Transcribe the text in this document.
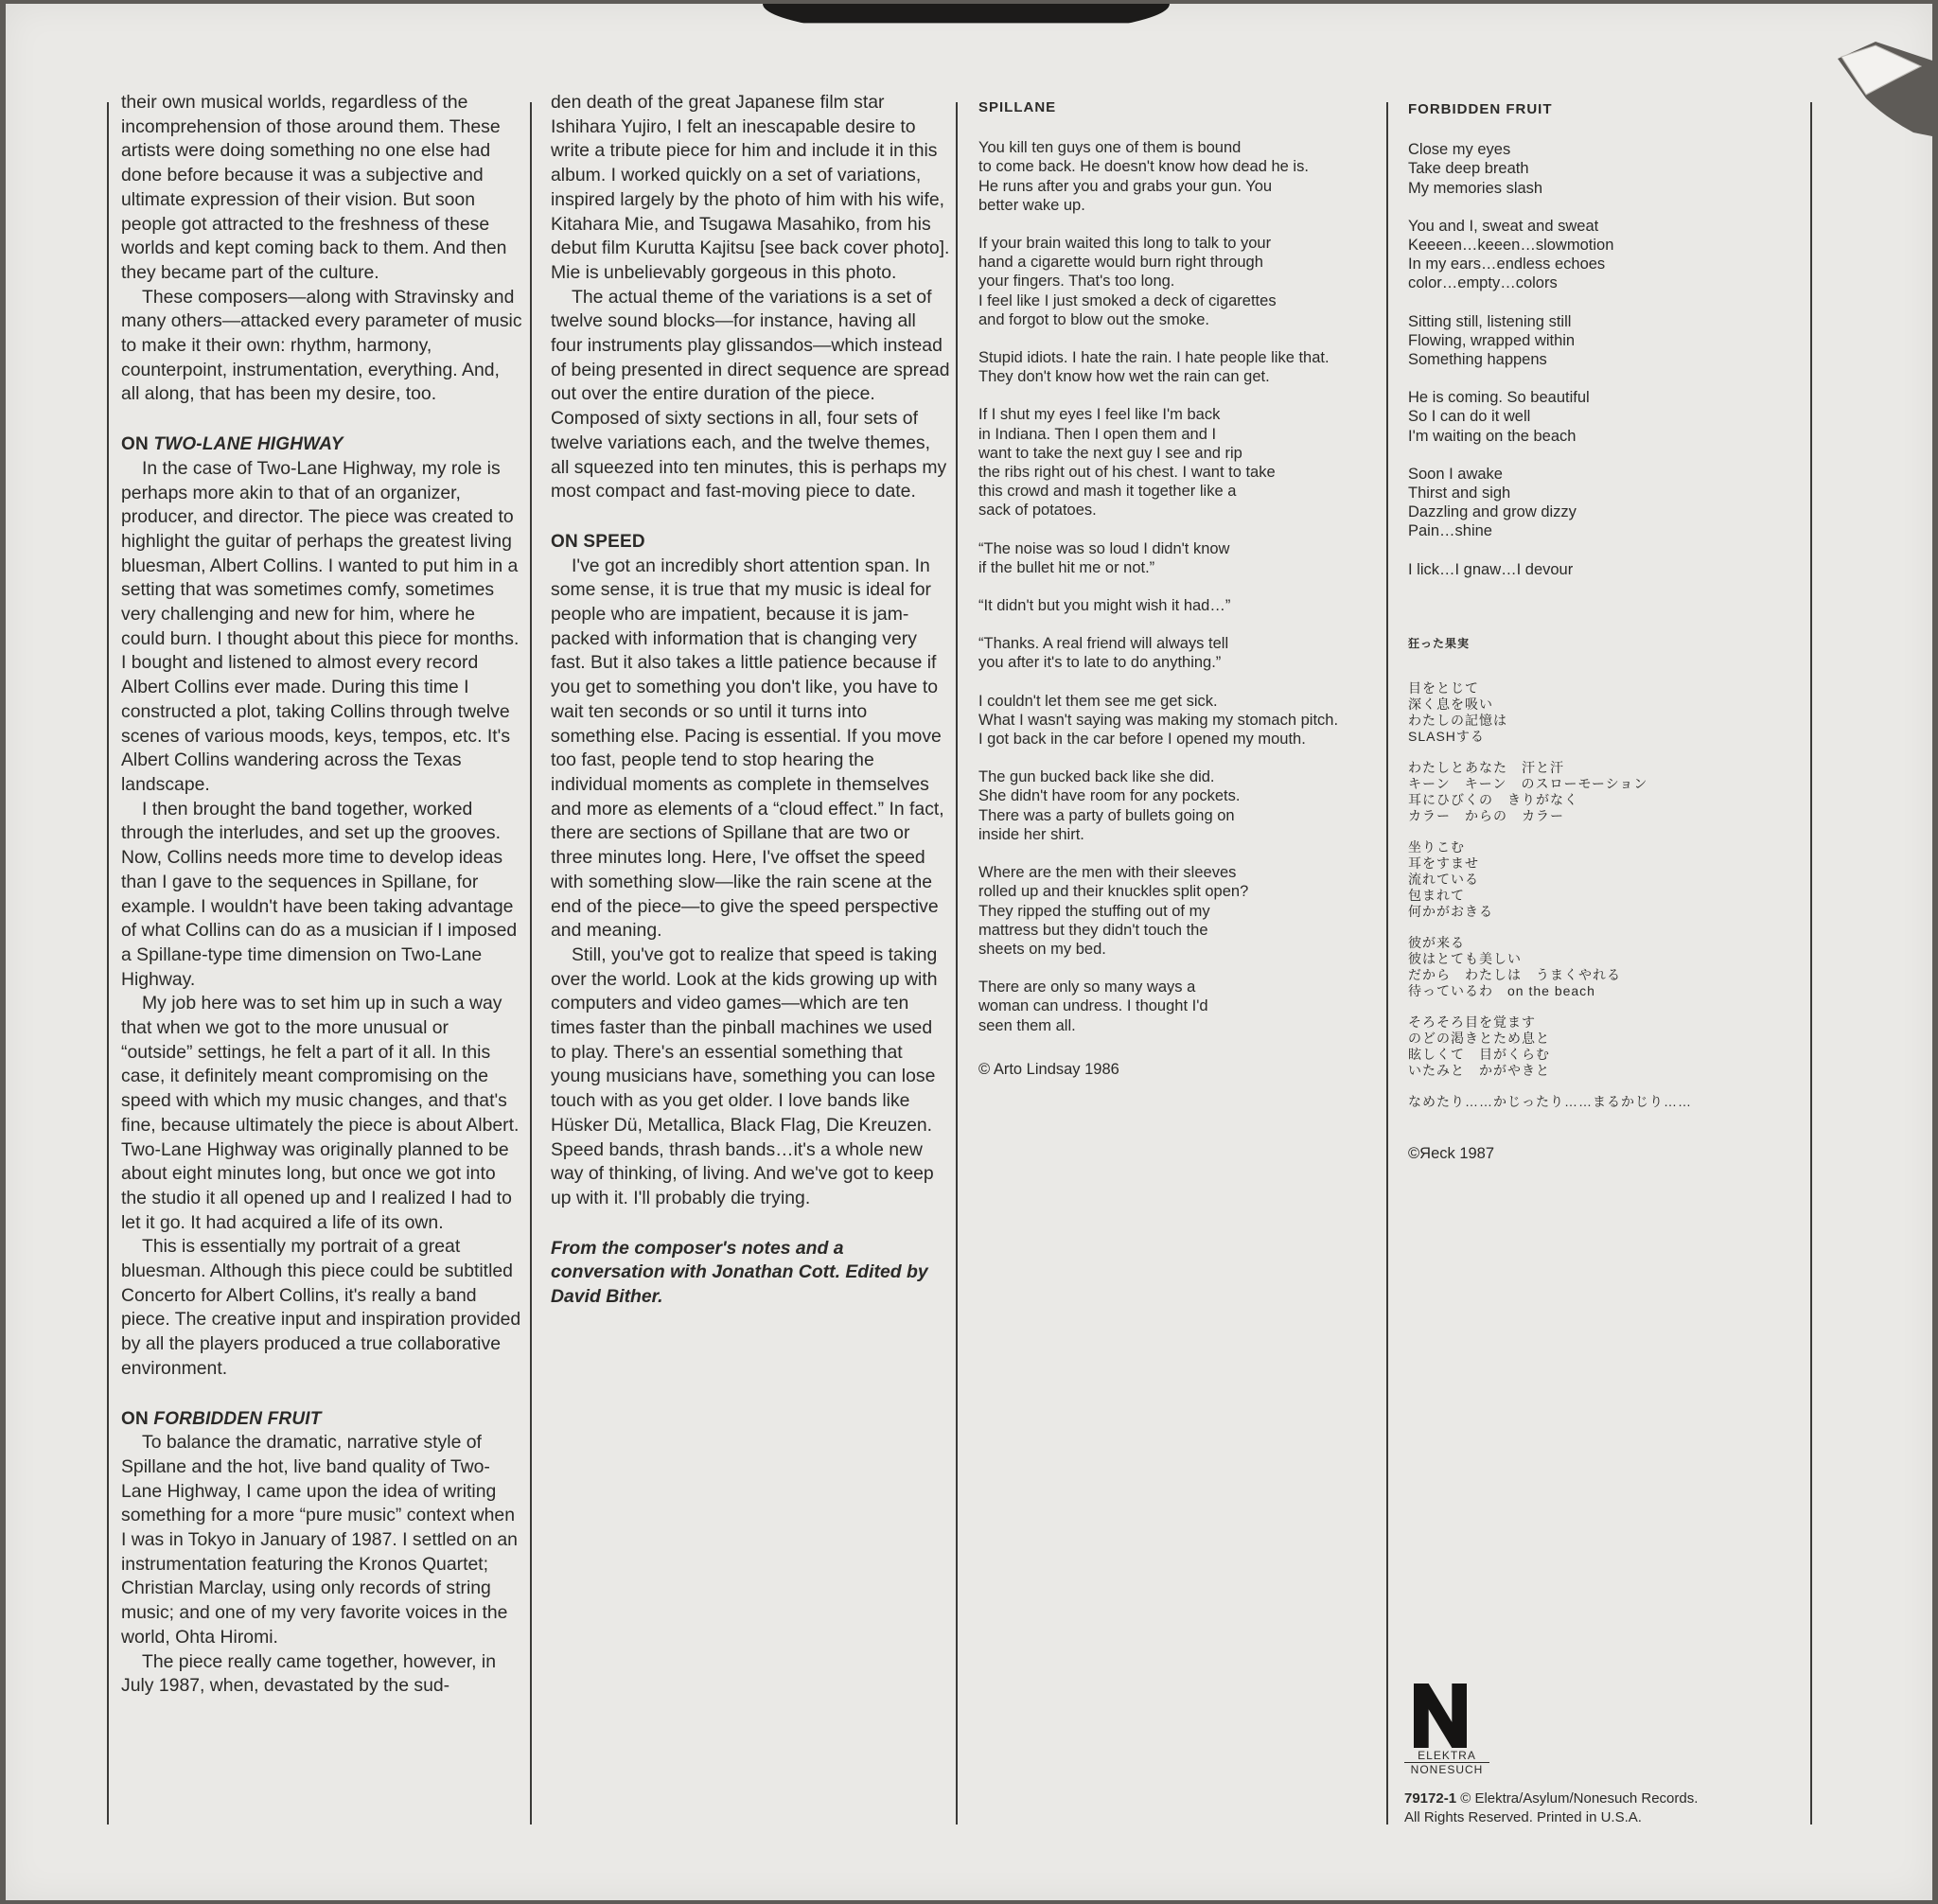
their own musical worlds, regardless of the incomprehension of those around them. These artists were doing something no one else had done before because it was a subjective and ultimate expression of their vision. But soon people got attracted to the freshness of these worlds and kept coming back to them. And then they became part of the culture.

These composers—along with Stravinsky and many others—attacked every parameter of music to make it their own: rhythm, harmony, counterpoint, instrumentation, everything. And, all along, that has been my desire, too.

ON TWO-LANE HIGHWAY

In the case of Two-Lane Highway, my role is perhaps more akin to that of an organizer, producer, and director. The piece was created to highlight the guitar of perhaps the greatest living bluesman, Albert Collins. I wanted to put him in a setting that was sometimes comfy, sometimes very challenging and new for him, where he could burn. I thought about this piece for months. I bought and listened to almost every record Albert Collins ever made. During this time I constructed a plot, taking Collins through twelve scenes of various moods, keys, tempos, etc. It's Albert Collins wandering across the Texas landscape.

I then brought the band together, worked through the interludes, and set up the grooves. Now, Collins needs more time to develop ideas than I gave to the sequences in Spillane, for example. I wouldn't have been taking advantage of what Collins can do as a musician if I imposed a Spillane-type time dimension on Two-Lane Highway.

My job here was to set him up in such a way that when we got to the more unusual or “outside” settings, he felt a part of it all. In this case, it definitely meant compromising on the speed with which my music changes, and that's fine, because ultimately the piece is about Albert. Two-Lane Highway was originally planned to be about eight minutes long, but once we got into the studio it all opened up and I realized I had to let it go. It had acquired a life of its own.

This is essentially my portrait of a great bluesman. Although this piece could be subtitled Concerto for Albert Collins, it's really a band piece. The creative input and inspiration provided by all the players produced a true collaborative environment.

ON FORBIDDEN FRUIT

To balance the dramatic, narrative style of Spillane and the hot, live band quality of Two-Lane Highway, I came upon the idea of writing something for a more “pure music” context when I was in Tokyo in January of 1987. I settled on an instrumentation featuring the Kronos Quartet; Christian Marclay, using only records of string music; and one of my very favorite voices in the world, Ohta Hiromi.

The piece really came together, however, in July 1987, when, devastated by the sud-

den death of the great Japanese film star Ishihara Yujiro, I felt an inescapable desire to write a tribute piece for him and include it in this album. I worked quickly on a set of variations, inspired largely by the photo of him with his wife, Kitahara Mie, and Tsugawa Masahiko, from his debut film Kurutta Kajitsu [see back cover photo]. Mie is unbelievably gorgeous in this photo.

The actual theme of the variations is a set of twelve sound blocks—for instance, having all four instruments play glissandos—which instead of being presented in direct sequence are spread out over the entire duration of the piece. Composed of sixty sections in all, four sets of twelve variations each, and the twelve themes, all squeezed into ten minutes, this is perhaps my most compact and fast-moving piece to date.

ON SPEED

I've got an incredibly short attention span. In some sense, it is true that my music is ideal for people who are impatient, because it is jam-packed with information that is changing very fast. But it also takes a little patience because if you get to something you don't like, you have to wait ten seconds or so until it turns into something else. Pacing is essential. If you move too fast, people tend to stop hearing the individual moments as complete in themselves and more as elements of a “cloud effect.” In fact, there are sections of Spillane that are two or three minutes long. Here, I've offset the speed with something slow—like the rain scene at the end of the piece—to give the speed perspective and meaning.

Still, you've got to realize that speed is taking over the world. Look at the kids growing up with computers and video games—which are ten times faster than the pinball machines we used to play. There's an essential something that young musicians have, something you can lose touch with as you get older. I love bands like Hüsker Dü, Metallica, Black Flag, Die Kreuzen. Speed bands, thrash bands…it's a whole new way of thinking, of living. And we've got to keep up with it. I'll probably die trying.

From the composer's notes and a conversation with Jonathan Cott. Edited by David Bither.
SPILLANE
You kill ten guys one of them is bound
to come back. He doesn't know how dead he is.
He runs after you and grabs your gun. You
better wake up.
If your brain waited this long to talk to your
hand a cigarette would burn right through
your fingers. That's too long.
I feel like I just smoked a deck of cigarettes
and forgot to blow out the smoke.
Stupid idiots. I hate the rain. I hate people like that.
They don't know how wet the rain can get.
If I shut my eyes I feel like I'm back
in Indiana. Then I open them and I
want to take the next guy I see and rip
the ribs right out of his chest. I want to take
this crowd and mash it together like a
sack of potatoes.
“The noise was so loud I didn't know
if the bullet hit me or not.”
“It didn't but you might wish it had…”
“Thanks. A real friend will always tell
you after it's to late to do anything.”
I couldn't let them see me get sick.
What I wasn't saying was making my stomach pitch.
I got back in the car before I opened my mouth.
The gun bucked back like she did.
She didn't have room for any pockets.
There was a party of bullets going on
inside her shirt.
Where are the men with their sleeves
rolled up and their knuckles split open?
They ripped the stuffing out of my
mattress but they didn't touch the
sheets on my bed.
There are only so many ways a
woman can undress. I thought I'd
seen them all.
© Arto Lindsay 1986
FORBIDDEN FRUIT
Close my eyes
Take deep breath
My memories slash
You and I, sweat and sweat
Keeeen…keeen…slowmotion
In my ears…endless echoes
color…empty…colors
Sitting still, listening still
Flowing, wrapped within
Something happens
He is coming. So beautiful
So I can do it well
I'm waiting on the beach
Soon I awake
Thirst and sigh
Dazzling and grow dizzy
Pain…shine
I lick…I gnaw…I devour
狂った果実
目をとじて
深く息を吸い
わたしの記憶は
SLASHする
わたしとあなた　汗と汗
キーン　キーン　のスローモーション
耳にひびくの　きりがなく
カラー　からの　カラー
坐りこむ
耳をすませ
流れている
包まれて
何かがおきる
彼が来る
彼はとても美しい
だから　わたしは　うまくやれる
待っているわ　on the beach
そろそろ目を覚ます
のどの渇きとため息と
眩しくて　目がくらむ
いたみと　かがやきと
なめたり……かじったり……まるかじり……
©Яeck 1987
ELEKTRA
NONESUCH
79172-1 © Elektra/Asylum/Nonesuch Records.
All Rights Reserved. Printed in U.S.A.
